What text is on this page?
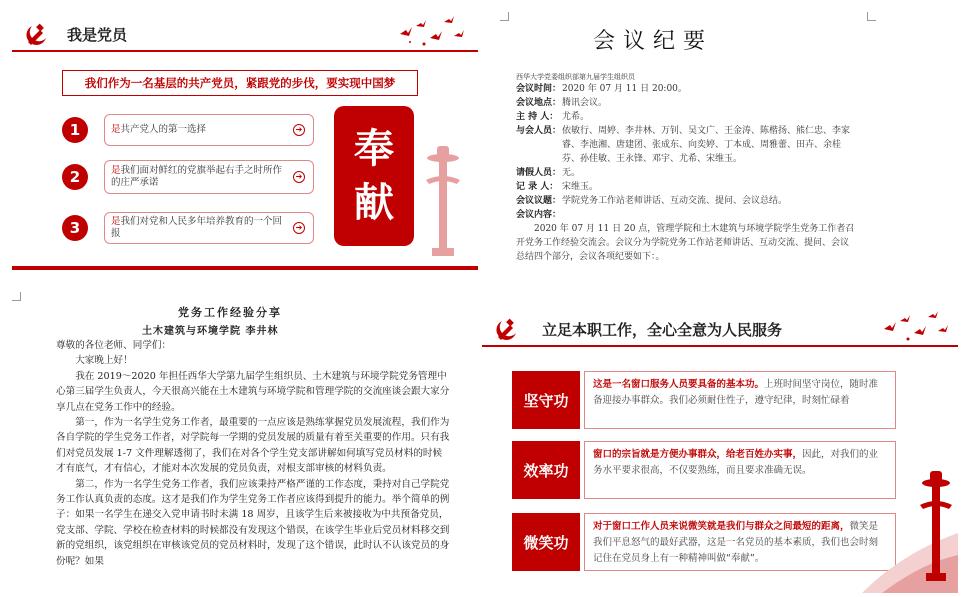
我是党员
我们作为一名基层的共产党员，紧跟党的步伐，要实现中国梦
1	是共产党人的第一选择	➔
2	是我们面对鲜红的党旗举起右手之时所作的庄严承诺
➔
3	是我们对党和人民多年培养教育的一个回报
➔
奉
献
会议纪要
西华大学党委组织部第九届学生组织员
会议时间： 2020 年 07 月 11 日 20:00。
会议地点： 腾讯会议。
主 持 人： 尤希。
与会人员： 依敏行、周婷、李井林、万钊、吴文广、王金涛、陈楷扬、熊仁忠、李家睿、李池湘、唐建团、张成东、向奕婷、丁本成、周雅蕾、田卉、余桂芬、孙佳敏、王永锋、邓宇、尤希、宋维玉。
请假人员： 无。
记 录 人： 宋维玉。
会议议题： 学院党务工作站老师讲话、互动交流、提问、会议总结。
会议内容：
2020 年 07 月 11 日 20 点，管理学院和土木建筑与环境学院学生党务工作者召开党务工作经验交流会。会议分为学院党务工作站老师讲话、互动交流、提问、会议总结四个部分，会议各项纪要如下：。
党务工作经验分享
土木建筑与环境学院 李井林

尊敬的各位老师、同学们：

大家晚上好！

我在 2019～2020 年担任西华大学第九届学生组织员、土木建筑与环境学院党务管理中心第三届学生负责人，今天很高兴能在土木建筑与环境学院和管理学院的交流座谈会跟大家分享几点在党务工作中的经验。

第一，作为一名学生党务工作者，最重要的一点应该是熟练掌握党员发展流程，我们作为各自学院的学生党务工作者，对学院每一学期的党员发展的质量有着至关重要的作用。只有我们对党员发展 1-7 文件理解透彻了，我们在对各个学生党支部讲解如何填写党员材料的时候才有底气，才有信心，才能对本次发展的党员负责，对根支部审核的材料负责。

第二，作为一名学生党务工作者，我们应该秉持严格严谨的工作态度，秉持对自己学院党务工作认真负责的态度。这才是我们作为学生党务工作者应该得到提升的能力。举个简单的例子：如果一名学生在递交入党申请书时未满 18 周岁，且该学生后来被接收为中共预备党员，党支部、学院、学校在检查材料的时候都没有发现这个错误，在该学生毕业后党员材料移交到新的党组织，该党组织在审核该党员的党员材料时，发现了这个错误，此时认不认该党员的身份呢？如果

立足本职工作，全心全意为人民服务
坚守功
这是一名窗口服务人员要具备的基本功。上班时间坚守岗位，随时准备迎接办事群众。我们必须耐住性子，遵守纪律，时刻忙碌着
效率功
窗口的宗旨就是方便办事群众，给老百姓办实事，因此，对我们的业务水平要求很高，不仅要熟练，而且要求准确无误。
微笑功
对于窗口工作人员来说微笑就是我们与群众之间最短的距离，微笑是我们平息怒气的最好武器，这是一名党员的基本素质，我们也会时刻记住在党员身上有一种精神叫做“奉献”。
